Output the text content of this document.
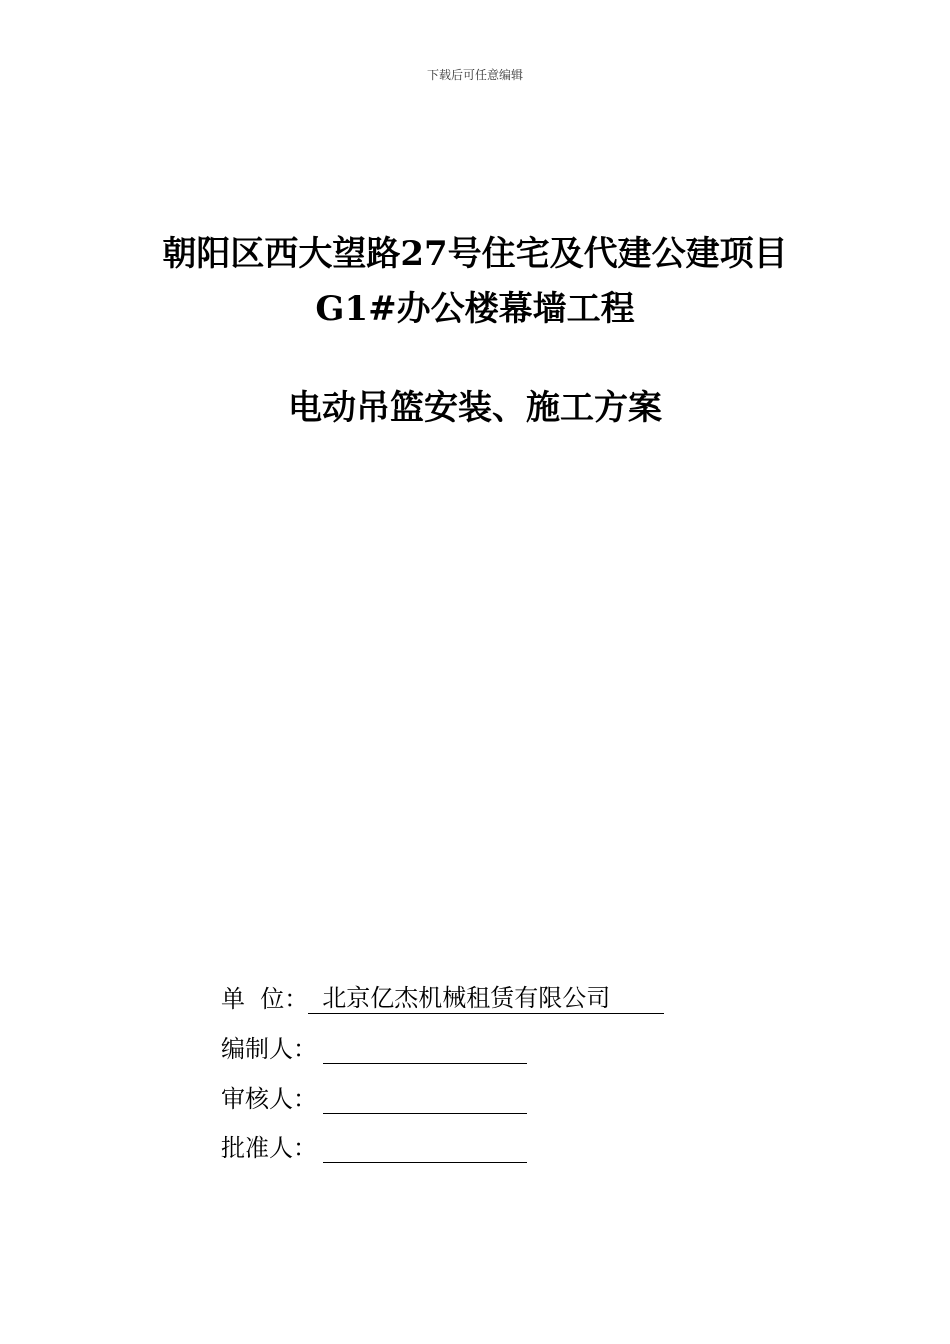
下载后可任意编辑
朝阳区西大望路27号住宅及代建公建项目
G1#办公楼幕墙工程
电动吊篮安装、施工方案
单  位： 北京亿杰机械租赁有限公司
编制人：
审核人：
批准人：
